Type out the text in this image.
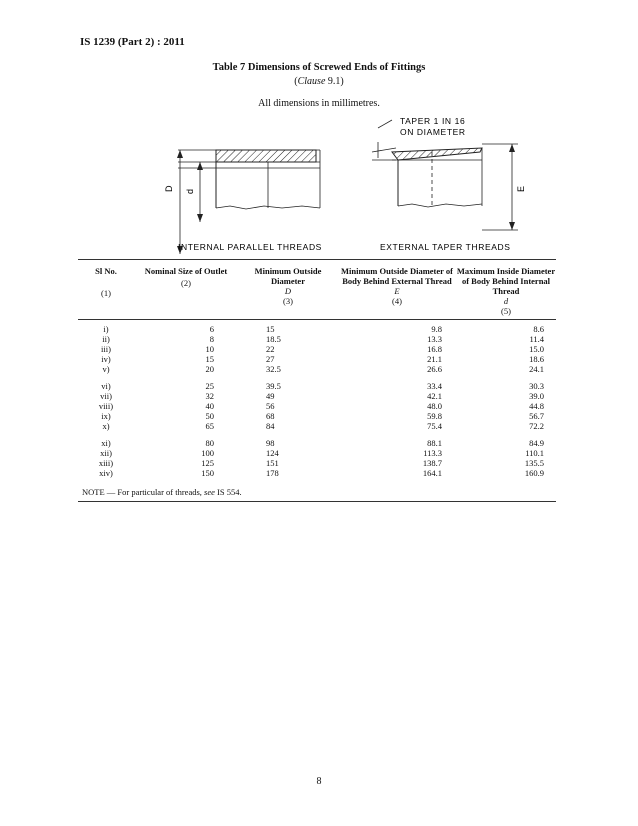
IS 1239 (Part 2) : 2011
Table 7 Dimensions of Screwed Ends of Fittings
(Clause 9.1)
All dimensions in millimetres.
D d
INTERNAL PARALLEL THREADS
E
TAPER 1 IN 16
ON DIAMETER
EXTERNAL TAPER THREADS
Sl No.
(1)
Nominal Size of Outlet
(2)
Minimum Outside Diameter
D
(3)
Minimum Outside Diameter of Body Behind External Thread
E
(4)
Maximum Inside Diameter of Body Behind Internal Thread
d
(5)
i)	6	15	9.8	8.6
ii)	8	18.5	13.3	11.4
iii)	10	22	16.8	15.0
iv)	15	27	21.1	18.6
v)	20	32.5	26.6	24.1
vi)	25	39.5	33.4	30.3
vii)	32	49	42.1	39.0
viii)	40	56	48.0	44.8
ix)	50	68	59.8	56.7
x)	65	84	75.4	72.2
xi)	80	98	88.1	84.9
xii)	100	124	113.3	110.1
xiii)	125	151	138.7	135.5
xiv)	150	178	164.1	160.9
NOTE — For particular of threads, see IS 554.
8
